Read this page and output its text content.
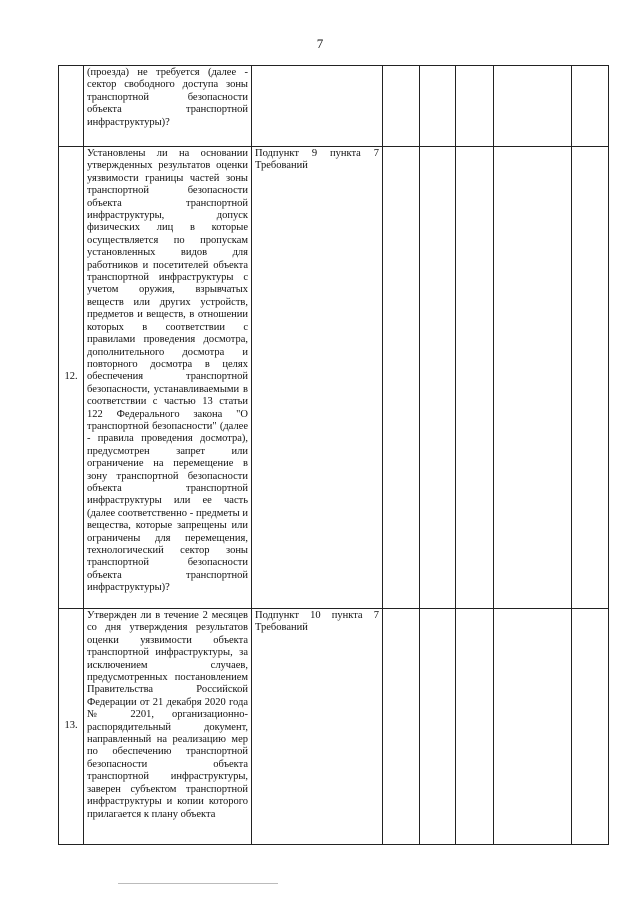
7
	(проезда) не требуется (далее - сектор свободного доступа зоны транспортной безопасности объекта транспортной инфраструктуры)?						
12.	Установлены ли на основании утвержденных результатов оценки уязвимости границы частей зоны транспортной безопасности объекта транспортной инфраструктуры, допуск физических лиц в которые осуществляется по пропускам установленных видов для работников и посетителей объекта транспортной инфраструктуры с учетом оружия, взрывчатых веществ или других устройств, предметов и веществ, в отношении которых в соответствии с правилами проведения досмотра, дополнительного досмотра и повторного досмотра в целях обеспечения транспортной безопасности, устанавливаемыми в соответствии с частью 13 статьи 122 Федерального закона "О транспортной безопасности" (далее - правила проведения досмотра), предусмотрен запрет или ограничение на перемещение в зону транспортной безопасности объекта транспортной инфраструктуры или ее часть (далее соответственно - предметы и вещества, которые запрещены или ограничены для перемещения, технологический сектор зоны транспортной безопасности объекта транспортной инфраструктуры)?	Подпункт 9 пункта 7 Требований					
13.	Утвержден ли в течение 2 месяцев со дня утверждения результатов оценки уязвимости объекта транспортной инфраструктуры, за исключением случаев, предусмотренных постановлением Правительства Российской Федерации от 21 декабря 2020 года № 2201, организационно-распорядительный документ, направленный на реализацию мер по обеспечению транспортной безопасности объекта транспортной инфраструктуры, заверен субъектом транспортной инфраструктуры и копии которого прилагается к плану объекта	Подпункт 10 пункта 7 Требований					
